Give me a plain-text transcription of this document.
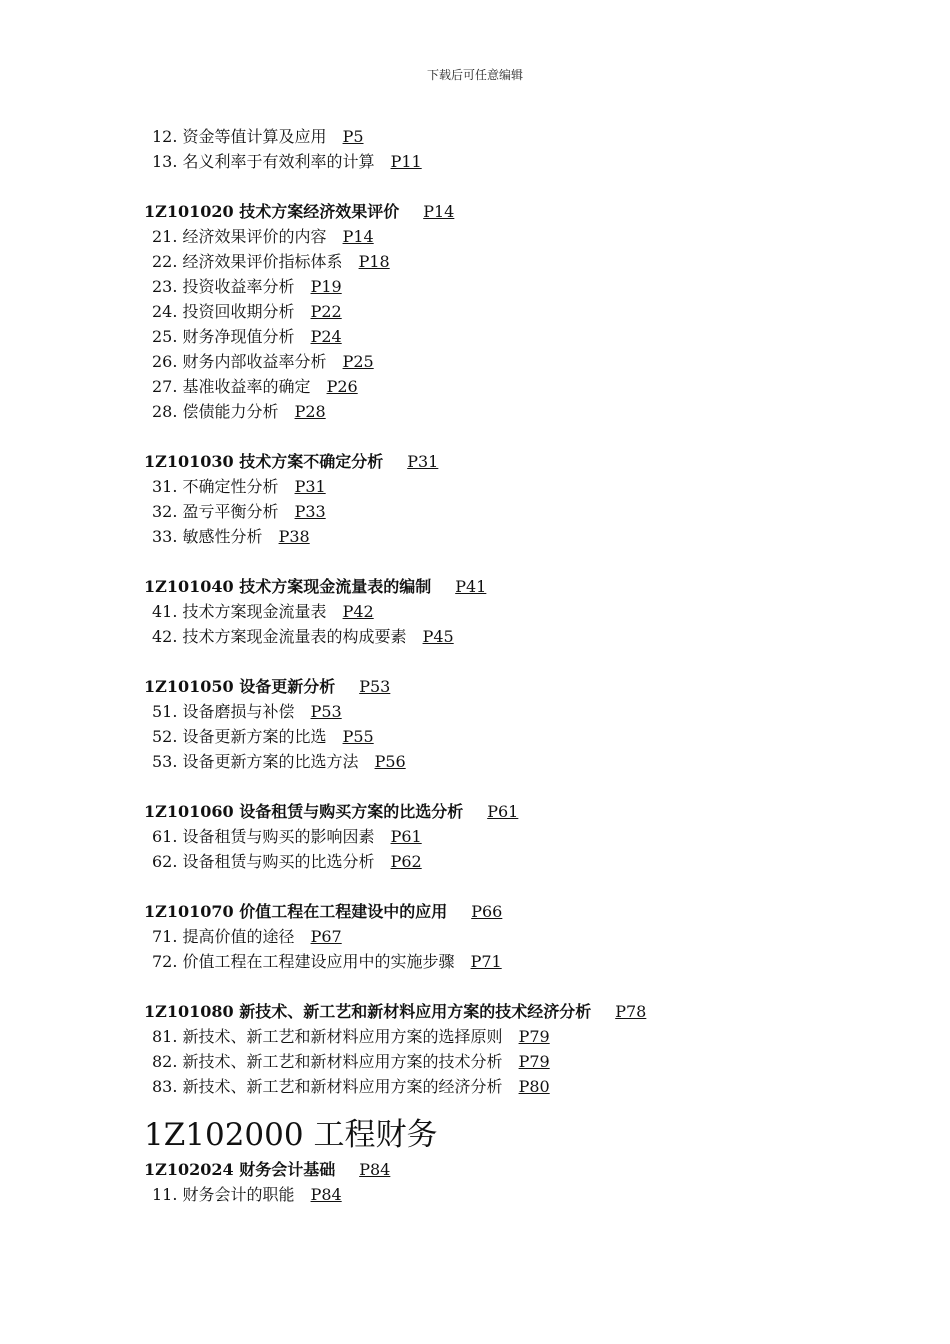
下载后可任意编辑
12. 资金等值计算及应用 P5
13. 名义利率于有效利率的计算 P11
1Z101020 技术方案经济效果评价 P14
21. 经济效果评价的内容 P14
22. 经济效果评价指标体系 P18
23. 投资收益率分析 P19
24. 投资回收期分析 P22
25. 财务净现值分析 P24
26. 财务内部收益率分析 P25
27. 基准收益率的确定 P26
28. 偿债能力分析 P28
1Z101030 技术方案不确定分析 P31
31. 不确定性分析 P31
32. 盈亏平衡分析 P33
33. 敏感性分析 P38
1Z101040 技术方案现金流量表的编制 P41
41. 技术方案现金流量表 P42
42. 技术方案现金流量表的构成要素 P45
1Z101050 设备更新分析 P53
51. 设备磨损与补偿 P53
52. 设备更新方案的比选 P55
53. 设备更新方案的比选方法 P56
1Z101060 设备租赁与购买方案的比选分析 P61
61. 设备租赁与购买的影响因素 P61
62. 设备租赁与购买的比选分析 P62
1Z101070 价值工程在工程建设中的应用 P66
71. 提高价值的途径 P67
72. 价值工程在工程建设应用中的实施步骤 P71
1Z101080 新技术、新工艺和新材料应用方案的技术经济分析 P78
81. 新技术、新工艺和新材料应用方案的选择原则 P79
82. 新技术、新工艺和新材料应用方案的技术分析 P79
83. 新技术、新工艺和新材料应用方案的经济分析 P80
1Z102000 工程财务
1Z102024 财务会计基础 P84
11. 财务会计的职能 P84
